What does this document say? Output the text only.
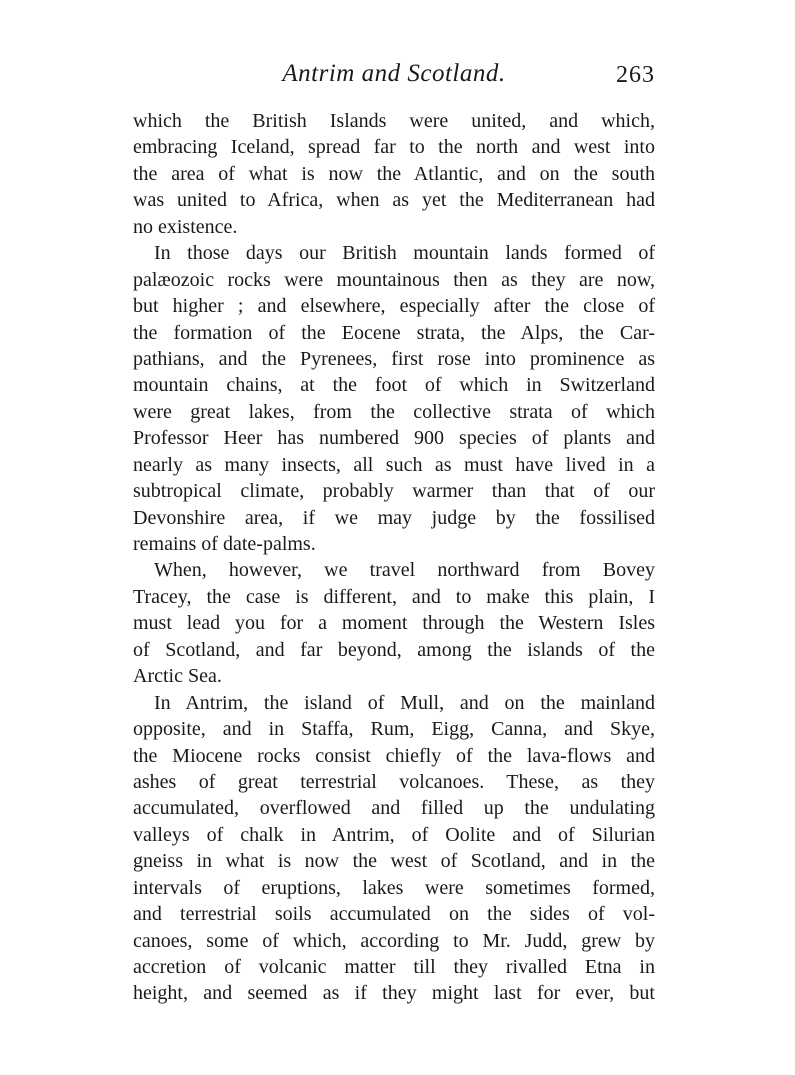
Antrim and Scotland.	263
which the British Islands were united, and which,
embracing Iceland, spread far to the north and west into
the area of what is now the Atlantic, and on the south
was united to Africa, when as yet the Mediterranean had
no existence.
In those days our British mountain lands formed of
palæozoic rocks were mountainous then as they are now,
but higher ; and elsewhere, especially after the close of
the formation of the Eocene strata, the Alps, the Car-
pathians, and the Pyrenees, first rose into prominence as
mountain chains, at the foot of which in Switzerland
were great lakes, from the collective strata of which
Professor Heer has numbered 900 species of plants and
nearly as many insects, all such as must have lived in a
subtropical climate, probably warmer than that of our
Devonshire area, if we may judge by the fossilised
remains of date-palms.
When, however, we travel northward from Bovey
Tracey, the case is different, and to make this plain, I
must lead you for a moment through the Western Isles
of Scotland, and far beyond, among the islands of the
Arctic Sea.
In Antrim, the island of Mull, and on the mainland
opposite, and in Staffa, Rum, Eigg, Canna, and Skye,
the Miocene rocks consist chiefly of the lava-flows and
ashes of great terrestrial volcanoes. These, as they
accumulated, overflowed and filled up the undulating
valleys of chalk in Antrim, of Oolite and of Silurian
gneiss in what is now the west of Scotland, and in the
intervals of eruptions, lakes were sometimes formed,
and terrestrial soils accumulated on the sides of vol-
canoes, some of which, according to Mr. Judd, grew by
accretion of volcanic matter till they rivalled Etna in
height, and seemed as if they might last for ever, but
